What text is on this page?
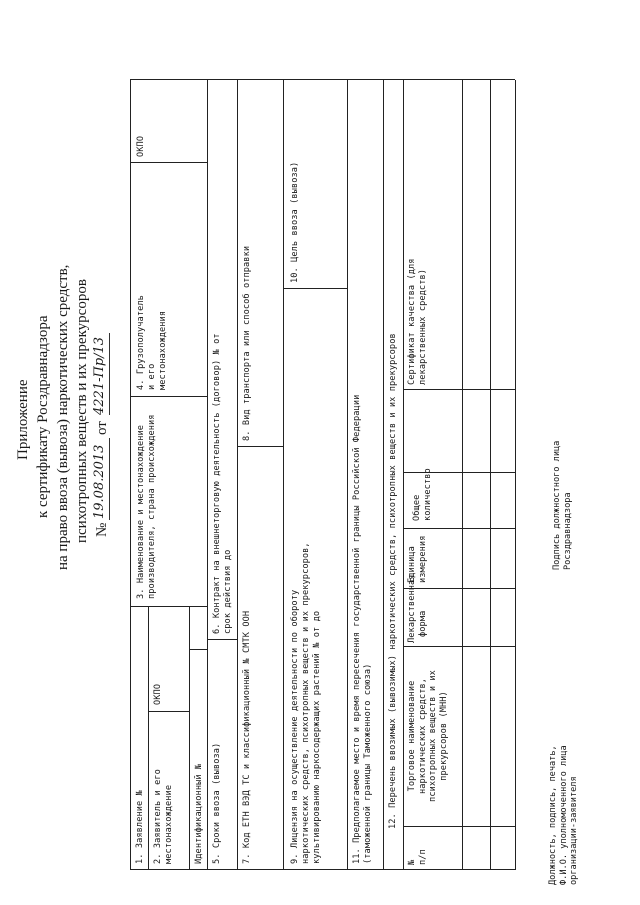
Приложение к сертификату Росздравнадзора на право ввоза (вывоза) наркотических средств, психотропных веществ и их прекурсоров №
19.08.2013
от
4221-Пр/13
1. Заявление № 2. Заявитель и его местонахождение
ОКПО
Идентификационный №
3. Наименование и местонахождение производителя, страна происхождения
4. Грузополучатель и его местонахождения
ОКПО
5. Сроки ввоза (вывоза)
6. Контракт на внешнеторговую деятельность (договор) № от срок действия до
7. Код ЕТН ВЭД ТС и классификационный № СМТК ООН
8. Вид транспорта или способ отправки
9. Лицензия на осуществление деятельности по обороту наркотических средств, психотропных веществ и их прекурсоров, культивированию наркосодержащих растений № от до
10. Цель ввоза (вывоза)
11. Предполагаемое место и время пересечения государственной границы Российской Федерации (таможенной границы Таможенного союза) 12. Перечень ввозимых (вывозимых) наркотических средств, психотропных веществ и их прекурсоров
№ п/п
Торговое наименование наркотических средств, психотропных веществ и их прекурсоров (МНН)
Лекарственная форма
Единица измерения
Общее количество
Сертификат качества (для лекарственных средств)
Должность, подпись, печать, Ф.И.О. уполномоченного лица организации-заявителя
Подпись должностного лица Росздравнадзора
